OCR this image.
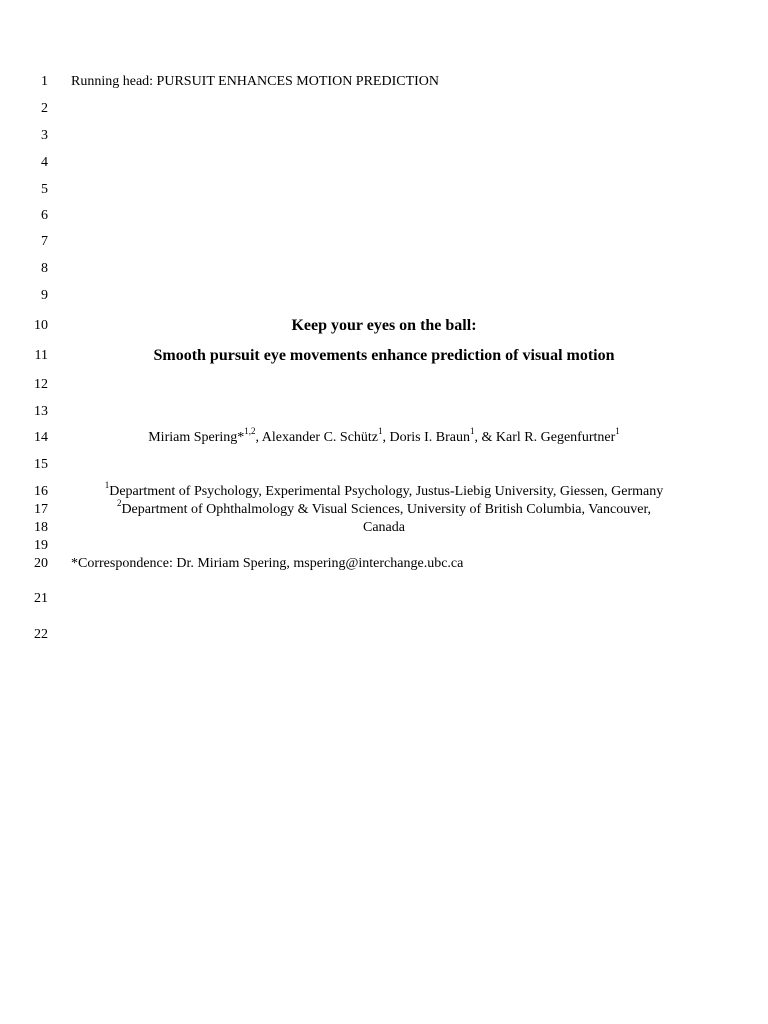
1
2
3
4
5
6
7
8
9
10
11
12
13
14
15
16
17
18
19
20
21
22
Running head: PURSUIT ENHANCES MOTION PREDICTION
Keep your eyes on the ball:
Smooth pursuit eye movements enhance prediction of visual motion
Miriam Spering*$^{1,2}$, Alexander C. Schütz$^1$, Doris I. Braun$^1$, & Karl R. Gegenfurtner$^1$
$^1$Department of Psychology, Experimental Psychology, Justus-Liebig University, Giessen, Germany
$^2$Department of Ophthalmology & Visual Sciences, University of British Columbia, Vancouver,
Canada
*Correspondence: Dr. Miriam Spering, mspering@interchange.ubc.ca
